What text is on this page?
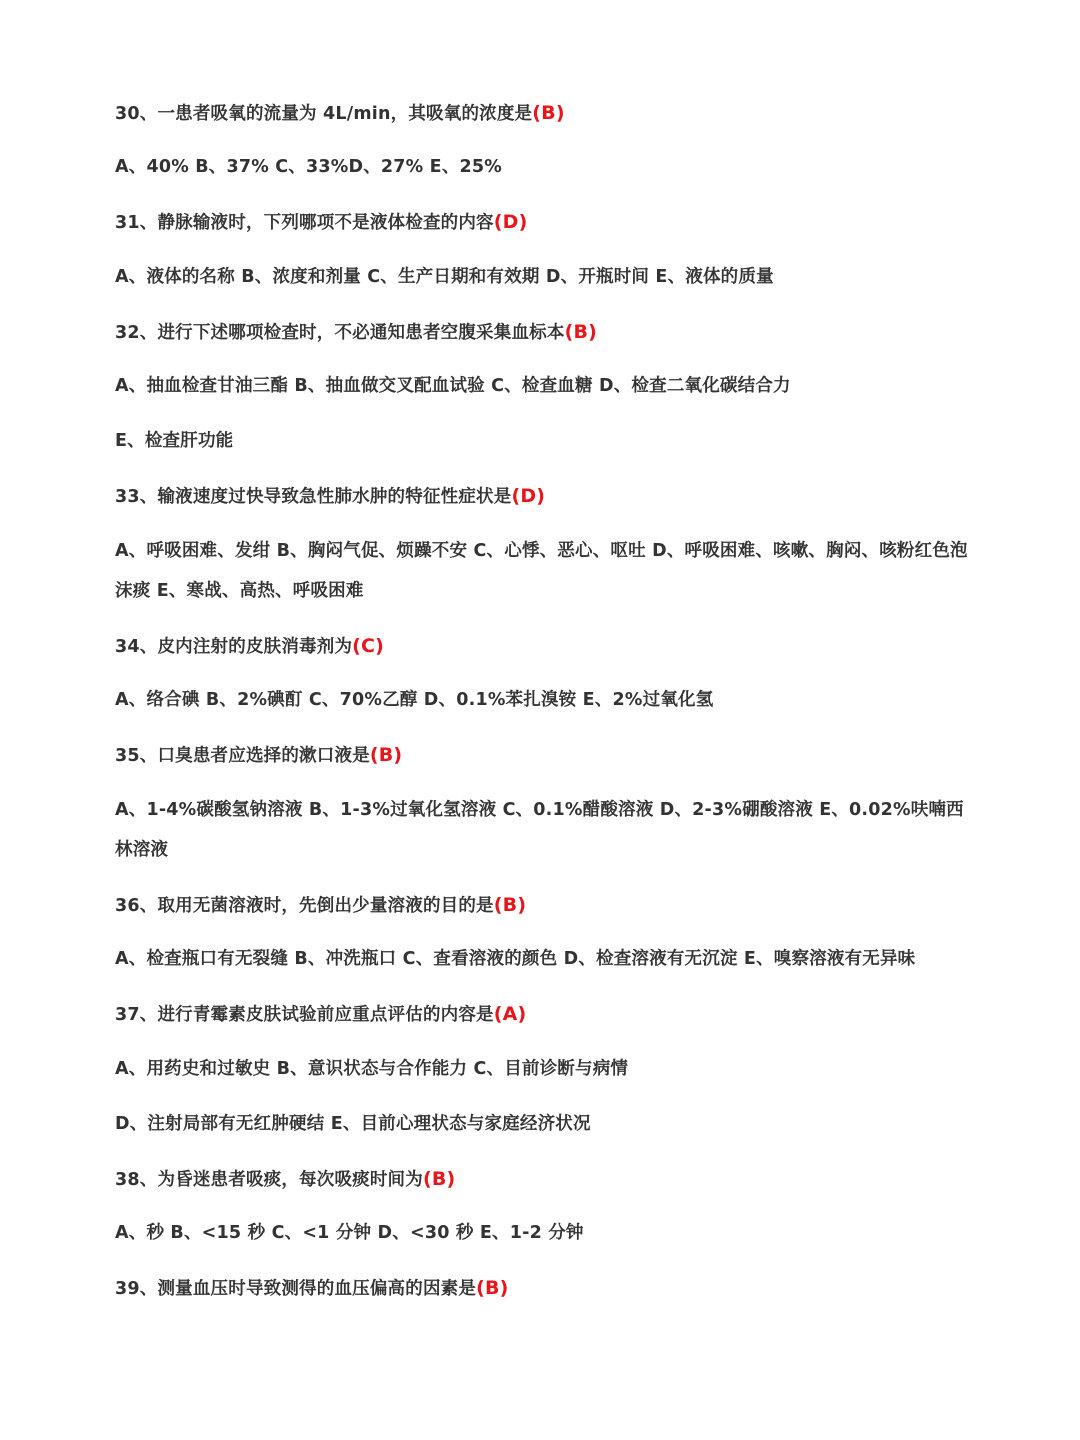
30、一患者吸氧的流量为 4L/min，其吸氧的浓度是(B)
A、40% B、37% C、33%D、27% E、25%
31、静脉输液时，下列哪项不是液体检查的内容(D)
A、液体的名称 B、浓度和剂量 C、生产日期和有效期 D、开瓶时间 E、液体的质量
32、进行下述哪项检查时，不必通知患者空腹采集血标本(B)
A、抽血检查甘油三酯 B、抽血做交叉配血试验 C、检查血糖 D、检查二氧化碳结合力
E、检查肝功能
33、输液速度过快导致急性肺水肿的特征性症状是(D)
A、呼吸困难、发绀 B、胸闷气促、烦躁不安 C、心悸、恶心、呕吐 D、呼吸困难、咳嗽、胸闷、咳粉红色泡沫痰 E、寒战、高热、呼吸困难
34、皮内注射的皮肤消毒剂为(C)
A、络合碘 B、2%碘酊 C、70%乙醇 D、0.1%苯扎溴铵 E、2%过氧化氢
35、口臭患者应选择的漱口液是(B)
A、1-4%碳酸氢钠溶液 B、1-3%过氧化氢溶液 C、0.1%醋酸溶液 D、2-3%硼酸溶液 E、0.02%呋喃西林溶液
36、取用无菌溶液时，先倒出少量溶液的目的是(B)
A、检查瓶口有无裂缝 B、冲洗瓶口 C、查看溶液的颜色 D、检查溶液有无沉淀 E、嗅察溶液有无异味
37、进行青霉素皮肤试验前应重点评估的内容是(A)
A、用药史和过敏史 B、意识状态与合作能力 C、目前诊断与病情
D、注射局部有无红肿硬结 E、目前心理状态与家庭经济状况
38、为昏迷患者吸痰，每次吸痰时间为(B)
A、秒 B、<15 秒 C、<1 分钟 D、<30 秒 E、1-2 分钟
39、测量血压时导致测得的血压偏高的因素是(B)
